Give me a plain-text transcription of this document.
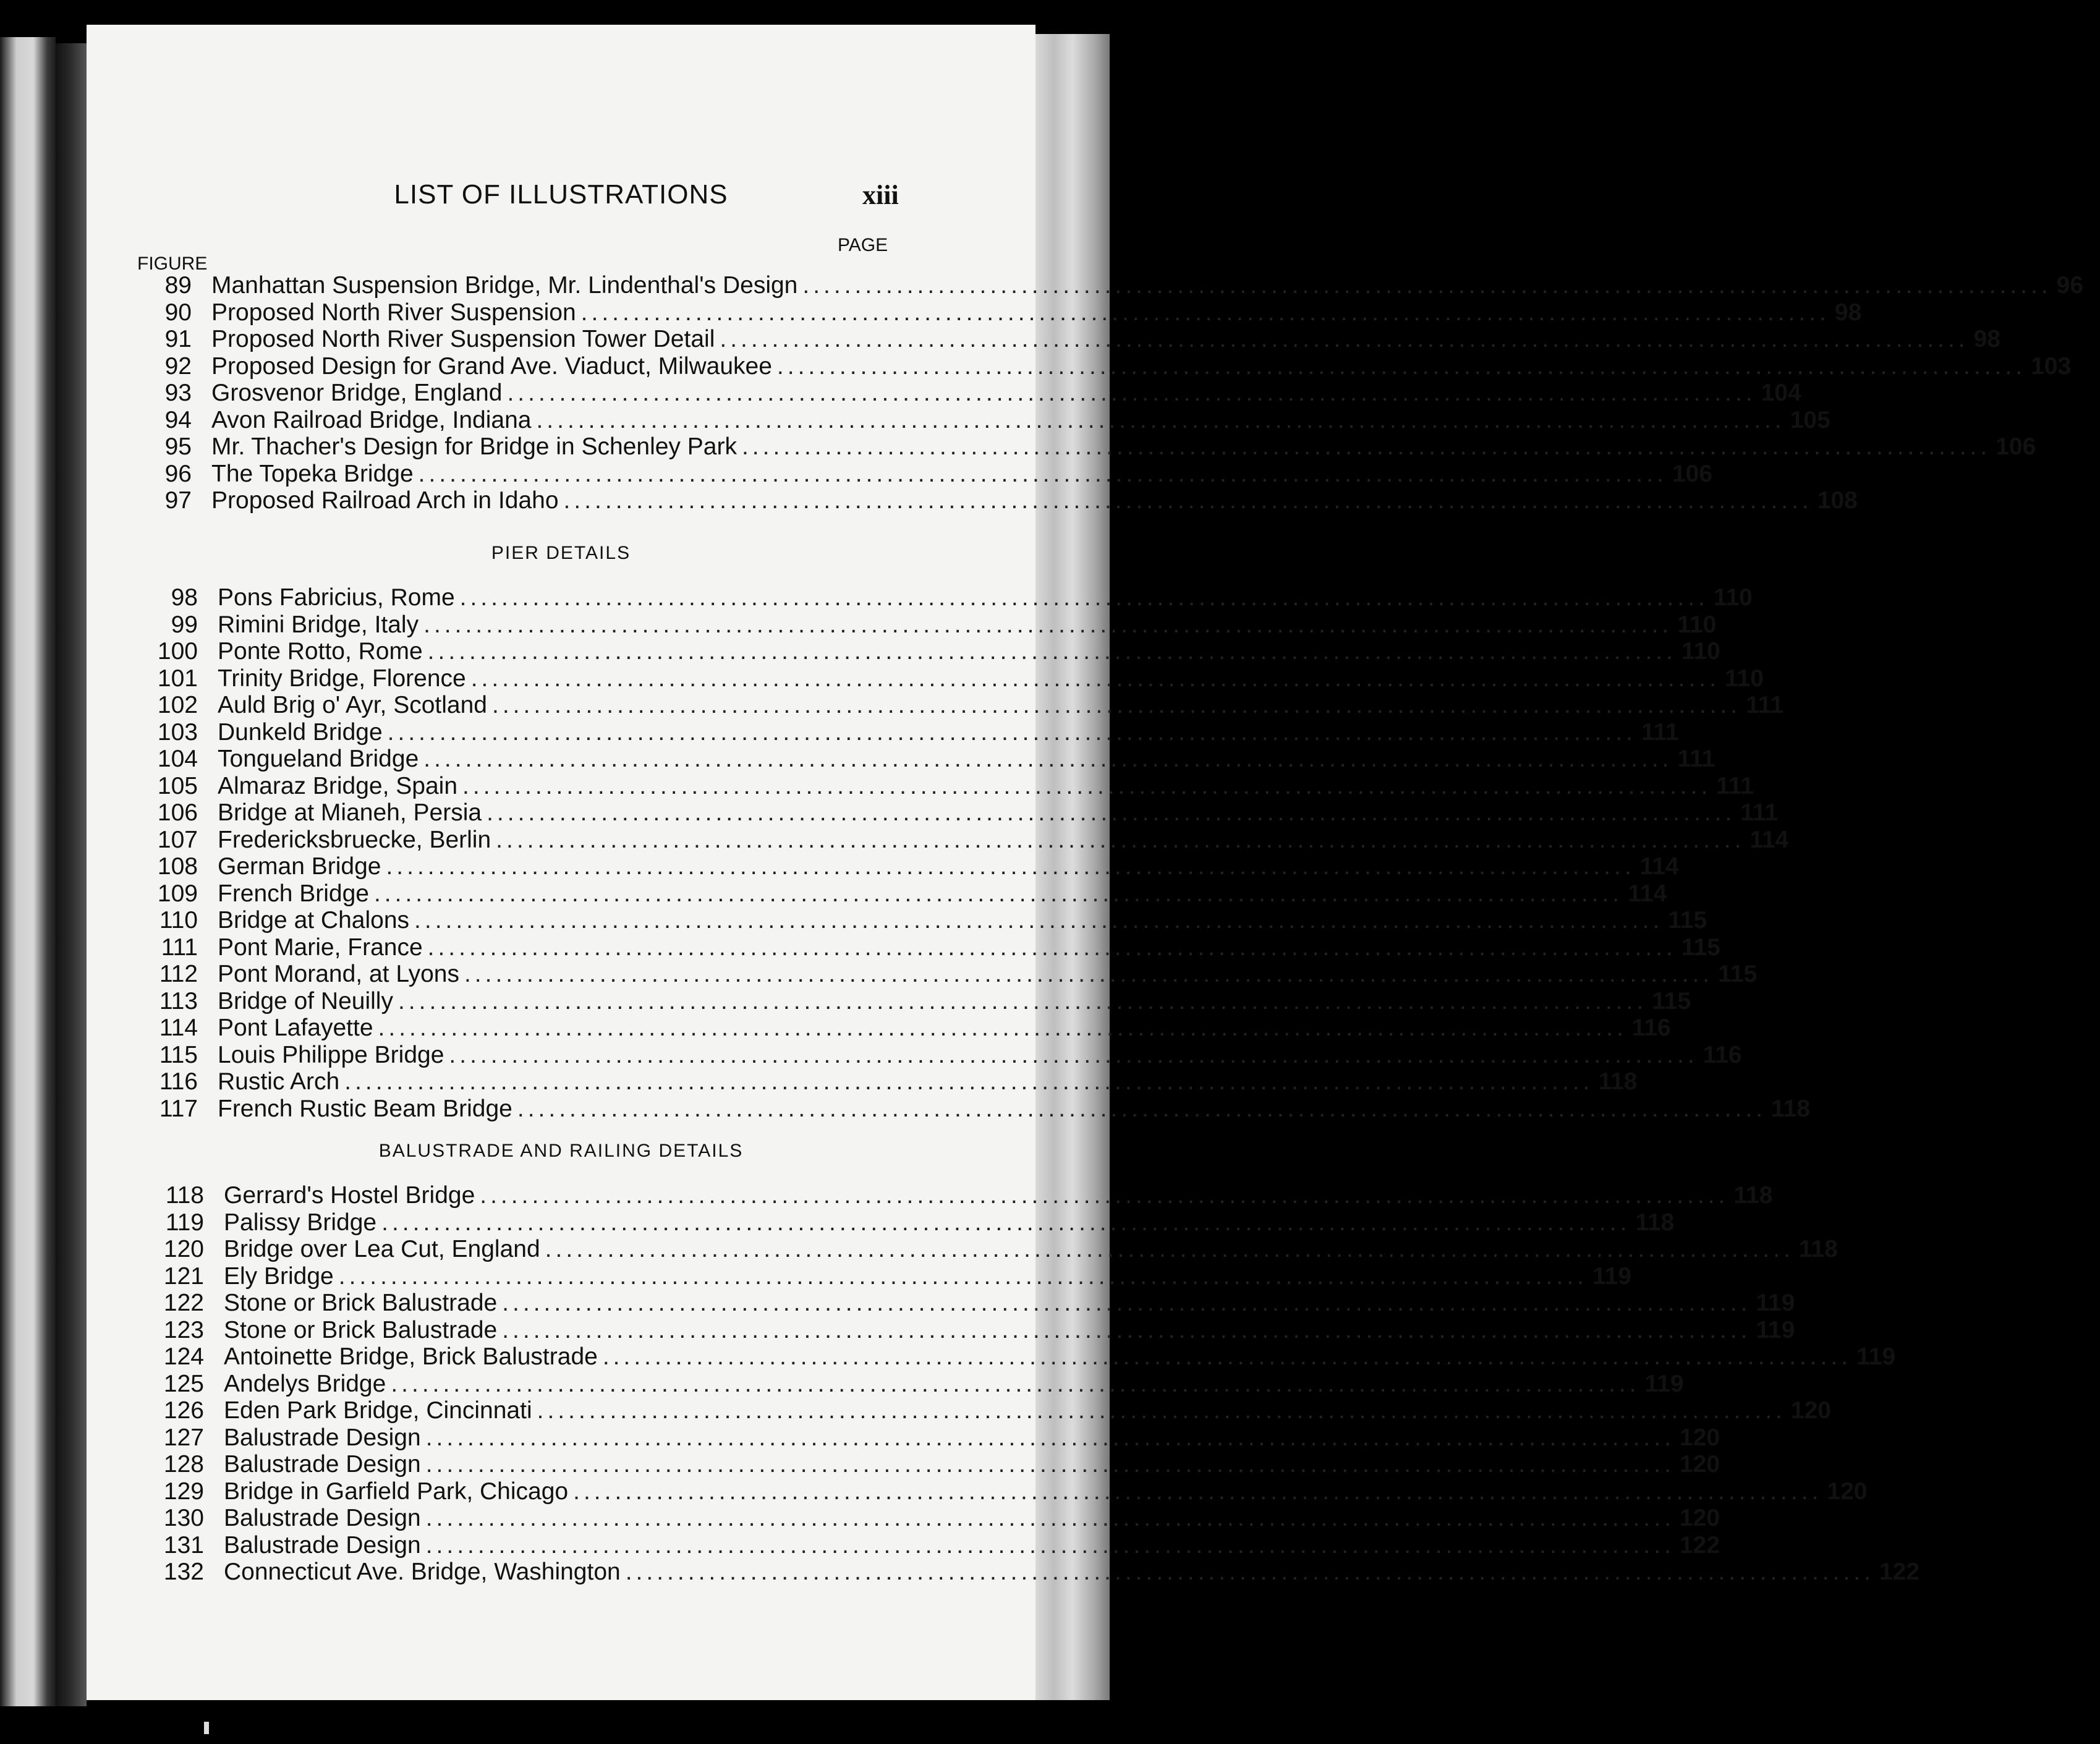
LIST OF ILLUSTRATIONS	xiii
FIGURE
PAGE
89 Manhattan Suspension Bridge, Mr. Lindenthal's Design ........................................................................................................................ 96
90 Proposed North River Suspension ........................................................................................................................ 98
91 Proposed North River Suspension Tower Detail ........................................................................................................................ 98
92 Proposed Design for Grand Ave. Viaduct, Milwaukee ........................................................................................................................ 103
93 Grosvenor Bridge, England ........................................................................................................................ 104
94 Avon Railroad Bridge, Indiana ........................................................................................................................ 105
95 Mr. Thacher's Design for Bridge in Schenley Park ........................................................................................................................ 106
96 The Topeka Bridge ........................................................................................................................ 106
97 Proposed Railroad Arch in Idaho ........................................................................................................................ 108
PIER DETAILS
98 Pons Fabricius, Rome ........................................................................................................................ 110
99 Rimini Bridge, Italy ........................................................................................................................ 110
100 Ponte Rotto, Rome ........................................................................................................................ 110
101 Trinity Bridge, Florence ........................................................................................................................ 110
102 Auld Brig o' Ayr, Scotland ........................................................................................................................ 111
103 Dunkeld Bridge ........................................................................................................................ 111
104 Tongueland Bridge ........................................................................................................................ 111
105 Almaraz Bridge, Spain ........................................................................................................................ 111
106 Bridge at Mianeh, Persia ........................................................................................................................ 111
107 Fredericksbruecke, Berlin ........................................................................................................................ 114
108 German Bridge ........................................................................................................................ 114
109 French Bridge ........................................................................................................................ 114
110 Bridge at Chalons ........................................................................................................................ 115
111 Pont Marie, France ........................................................................................................................ 115
112 Pont Morand, at Lyons ........................................................................................................................ 115
113 Bridge of Neuilly ........................................................................................................................ 115
114 Pont Lafayette ........................................................................................................................ 116
115 Louis Philippe Bridge ........................................................................................................................ 116
116 Rustic Arch ........................................................................................................................ 118
117 French Rustic Beam Bridge ........................................................................................................................ 118
BALUSTRADE AND RAILING DETAILS
118 Gerrard's Hostel Bridge ........................................................................................................................ 118
119 Palissy Bridge ........................................................................................................................ 118
120 Bridge over Lea Cut, England ........................................................................................................................ 118
121 Ely Bridge ........................................................................................................................ 119
122 Stone or Brick Balustrade ........................................................................................................................ 119
123 Stone or Brick Balustrade ........................................................................................................................ 119
124 Antoinette Bridge, Brick Balustrade ........................................................................................................................ 119
125 Andelys Bridge ........................................................................................................................ 119
126 Eden Park Bridge, Cincinnati ........................................................................................................................ 120
127 Balustrade Design ........................................................................................................................ 120
128 Balustrade Design ........................................................................................................................ 120
129 Bridge in Garfield Park, Chicago ........................................................................................................................ 120
130 Balustrade Design ........................................................................................................................ 120
131 Balustrade Design ........................................................................................................................ 122
132 Connecticut Ave. Bridge, Washington ........................................................................................................................ 122
